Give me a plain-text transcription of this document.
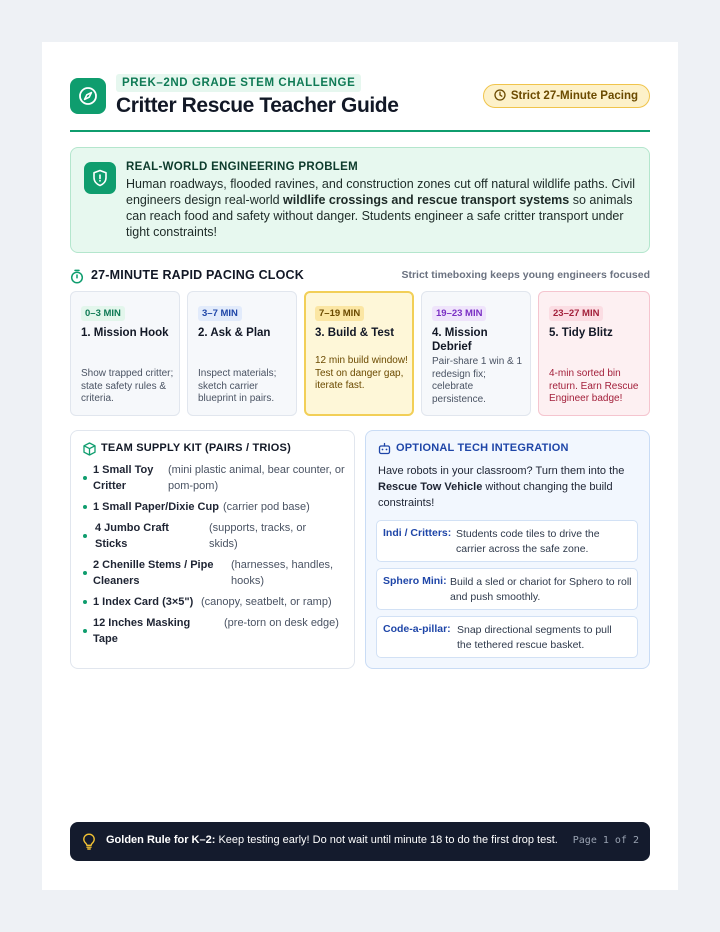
PREK–2ND GRADE STEM CHALLENGE
Critter Rescue Teacher Guide	Strict 27-Minute Pacing
REAL-WORLD ENGINEERING PROBLEM

Human roadways, flooded ravines, and construction zones cut off natural wildlife paths. Civil engineers design real-world wildlife crossings and rescue transport systems so animals can reach food and safety without danger. Students engineer a safe critter transport under tight constraints!

27-MINUTE RAPID PACING CLOCK	Strict timeboxing keeps young engineers focused
0–3 MIN
1. Mission Hook
Show trapped critter; state safety rules & criteria.
3–7 MIN
2. Ask & Plan
Inspect materials; sketch carrier blueprint in pairs.
7–19 MIN
3. Build & Test
12 min build window! Test on danger gap, iterate fast.
19–23 MIN
4. Mission Debrief
Pair-share 1 win & 1 redesign fix; celebrate persistence.
23–27 MIN
5. Tidy Blitz
4-min sorted bin return. Earn Rescue Engineer badge!
TEAM SUPPLY KIT (PAIRS / TRIOS)
1 Small Toy Critter
(mini plastic animal, bear counter, or pom-pom)
1 Small Paper/Dixie Cup (carrier pod base)
4 Jumbo Craft Sticks
(supports, tracks, or skids)
2 Chenille Stems / Pipe Cleaners
(harnesses, handles, hooks)
1 Index Card (3×5") (canopy, seatbelt, or ramp)
12 Inches Masking Tape
(pre-torn on desk edge)
OPTIONAL TECH INTEGRATION

Have robots in your classroom? Turn them into the Rescue Tow Vehicle without changing the build constraints!

Indi / Critters: Students code tiles to drive the carrier across the safe zone.
Sphero Mini: Build a sled or chariot for Sphero to roll and push smoothly.
Code-a-pillar: Snap directional segments to pull the tethered rescue basket.
Golden Rule for K–2: Keep testing early! Do not wait until minute 18 to do the first drop test. Page 1 of 2
